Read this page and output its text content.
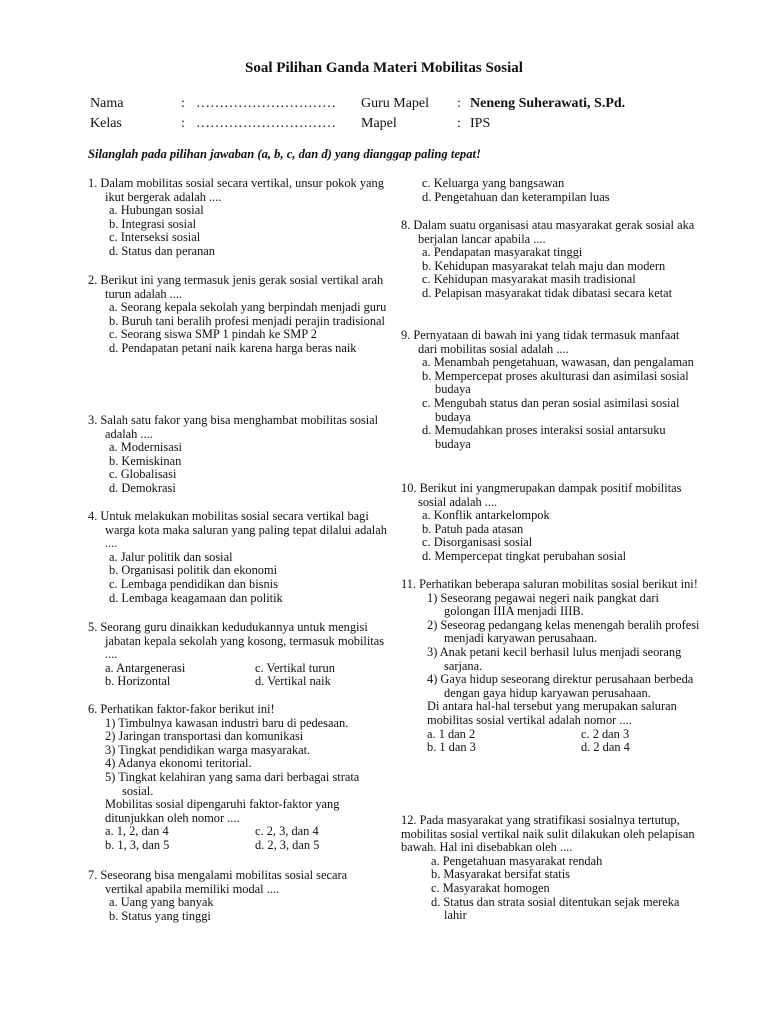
Soal Pilihan Ganda Materi Mobilitas Sosial
Nama	: ………………………… Guru Mapel : Neneng Suherawati, S.Pd.
Kelas	: ………………………… Mapel	: IPS
Silanglah pada pilihan jawaban (a, b, c, dan d) yang dianggap paling tepat!

1. Dalam mobilitas sosial secara vertikal, unsur pokok yang ikut bergerak adalah ....

a. Hubungan sosial

b. Integrasi sosial

c. Interseksi sosial

d. Status dan peranan

2. Berikut ini yang termasuk jenis gerak sosial vertikal arah turun adalah ....

a. Seorang kepala sekolah yang berpindah menjadi guru

b. Buruh tani beralih profesi menjadi perajin tradisional

c. Seorang siswa SMP 1 pindah ke SMP 2

d. Pendapatan petani naik karena harga beras naik

3. Salah satu fakor yang bisa menghambat mobilitas sosial adalah ....

a. Modernisasi

b. Kemiskinan

c. Globalisasi

d. Demokrasi

4. Untuk melakukan mobilitas sosial secara vertikal bagi warga kota maka saluran yang paling tepat dilalui adalah ....

a. Jalur politik dan sosial

b. Organisasi politik dan ekonomi

c. Lembaga pendidikan dan bisnis

d. Lembaga keagamaan dan politik

5. Seorang guru dinaikkan kedudukannya untuk mengisi jabatan kepala sekolah yang kosong, termasuk mobilitas ....

a. Antargenerasi	c. Vertikal turun
b. Horizontal	d. Vertikal naik

6. Perhatikan faktor-fakor berikut ini!

1) Timbulnya kawasan industri baru di pedesaan.

2) Jaringan transportasi dan komunikasi

3) Tingkat pendidikan warga masyarakat.

4) Adanya ekonomi teritorial.

5) Tingkat kelahiran yang sama dari berbagai strata sosial.

Mobilitas sosial dipengaruhi faktor-faktor yang ditunjukkan oleh nomor ....

a. 1, 2, dan 4	c. 2, 3, dan 4
b. 1, 3, dan 5	d. 2, 3, dan 5

7. Seseorang bisa mengalami mobilitas sosial secara vertikal apabila memiliki modal ....

a. Uang yang banyak

b. Status yang tinggi

c. Keluarga yang bangsawan

d. Pengetahuan dan keterampilan luas

8. Dalam suatu organisasi atau masyarakat gerak sosial aka berjalan lancar apabila ....

a. Pendapatan masyarakat tinggi

b. Kehidupan masyarakat telah maju dan modern

c. Kehidupan masyarakat masih tradisional

d. Pelapisan masyarakat tidak dibatasi secara ketat

9. Pernyataan di bawah ini yang tidak termasuk manfaat dari mobilitas sosial adalah ....

a. Menambah pengetahuan, wawasan, dan pengalaman

b. Mempercepat proses akulturasi dan asimilasi sosial budaya

c. Mengubah status dan peran sosial asimilasi sosial budaya

d. Memudahkan proses interaksi sosial antarsuku budaya

10. Berikut ini yangmerupakan dampak positif mobilitas sosial adalah ....

a. Konflik antarkelompok

b. Patuh pada atasan

c. Disorganisasi sosial

d. Mempercepat tingkat perubahan sosial

11. Perhatikan beberapa saluran mobilitas sosial berikut ini!

1) Seseorang pegawai negeri naik pangkat dari golongan IIIA menjadi IIIB.

2) Seseorag pedangang kelas menengah beralih profesi menjadi karyawan perusahaan.

3) Anak petani kecil berhasil lulus menjadi seorang sarjana.

4) Gaya hidup seseorang direktur perusahaan berbeda dengan gaya hidup karyawan perusahaan.

Di antara hal-hal tersebut yang merupakan saluran mobilitas sosial vertikal adalah nomor ....

a. 1 dan 2	c. 2 dan 3
b. 1 dan 3	d. 2 dan 4

12. Pada masyarakat yang stratifikasi sosialnya tertutup, mobilitas sosial vertikal naik sulit dilakukan oleh pelapisan bawah. Hal ini disebabkan oleh ....

a. Pengetahuan masyarakat rendah

b. Masyarakat bersifat statis

c. Masyarakat homogen

d. Status dan strata sosial ditentukan sejak mereka lahir
